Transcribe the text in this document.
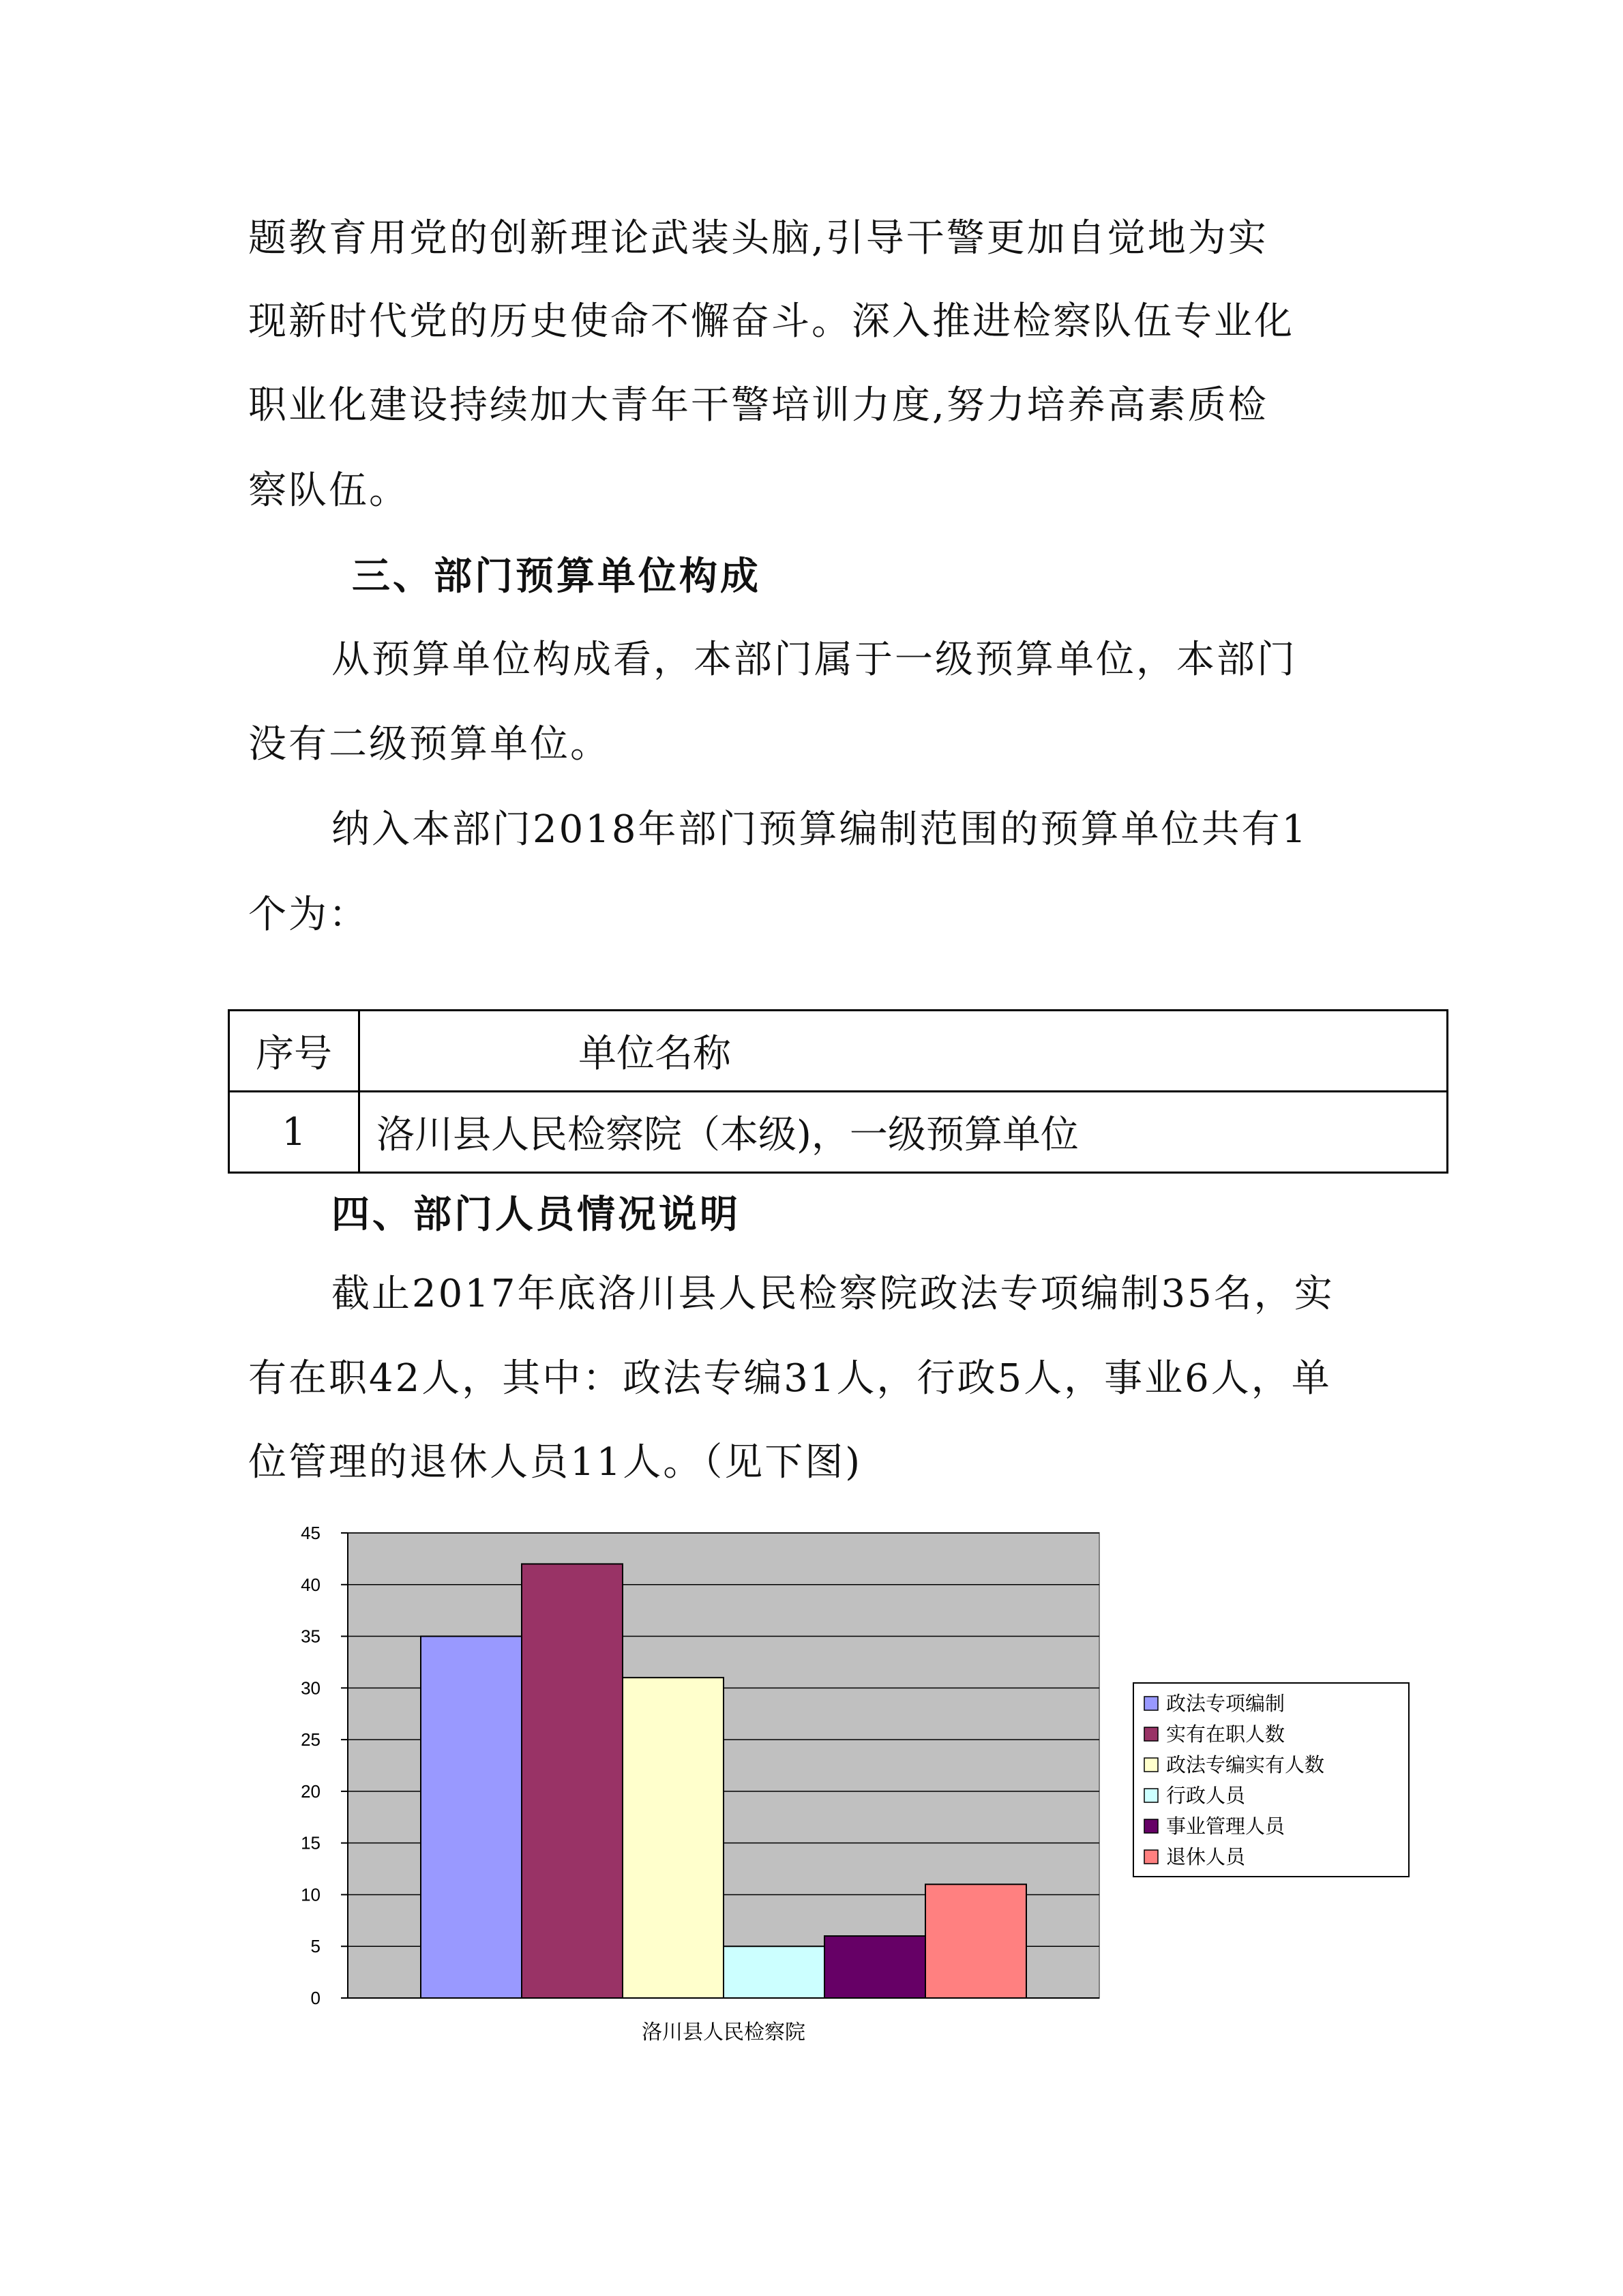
题教育用党的创新理论武装头脑,引导干警更加自觉地为实
现新时代党的历史使命不懈奋斗。深入推进检察队伍专业化
职业化建设持续加大青年干警培训力度,努力培养高素质检
察队伍。
三、部门预算单位构成
从预算单位构成看，本部门属于一级预算单位，本部门
没有二级预算单位。
纳入本部门2018年部门预算编制范围的预算单位共有1
个为：
序号	单位名称
1	洛川县人民检察院（本级)，一级预算单位
四、部门人员情况说明
截止2017年底洛川县人民检察院政法专项编制35名，实
有在职42人，其中：政法专编31人，行政5人，事业6人，单
位管理的退休人员11人。（见下图)
0
5
10
15
20
25
30
35
40
45
洛川县人民检察院
政法专项编制
实有在职人数
政法专编实有人数
行政人员
事业管理人员
退休人员
